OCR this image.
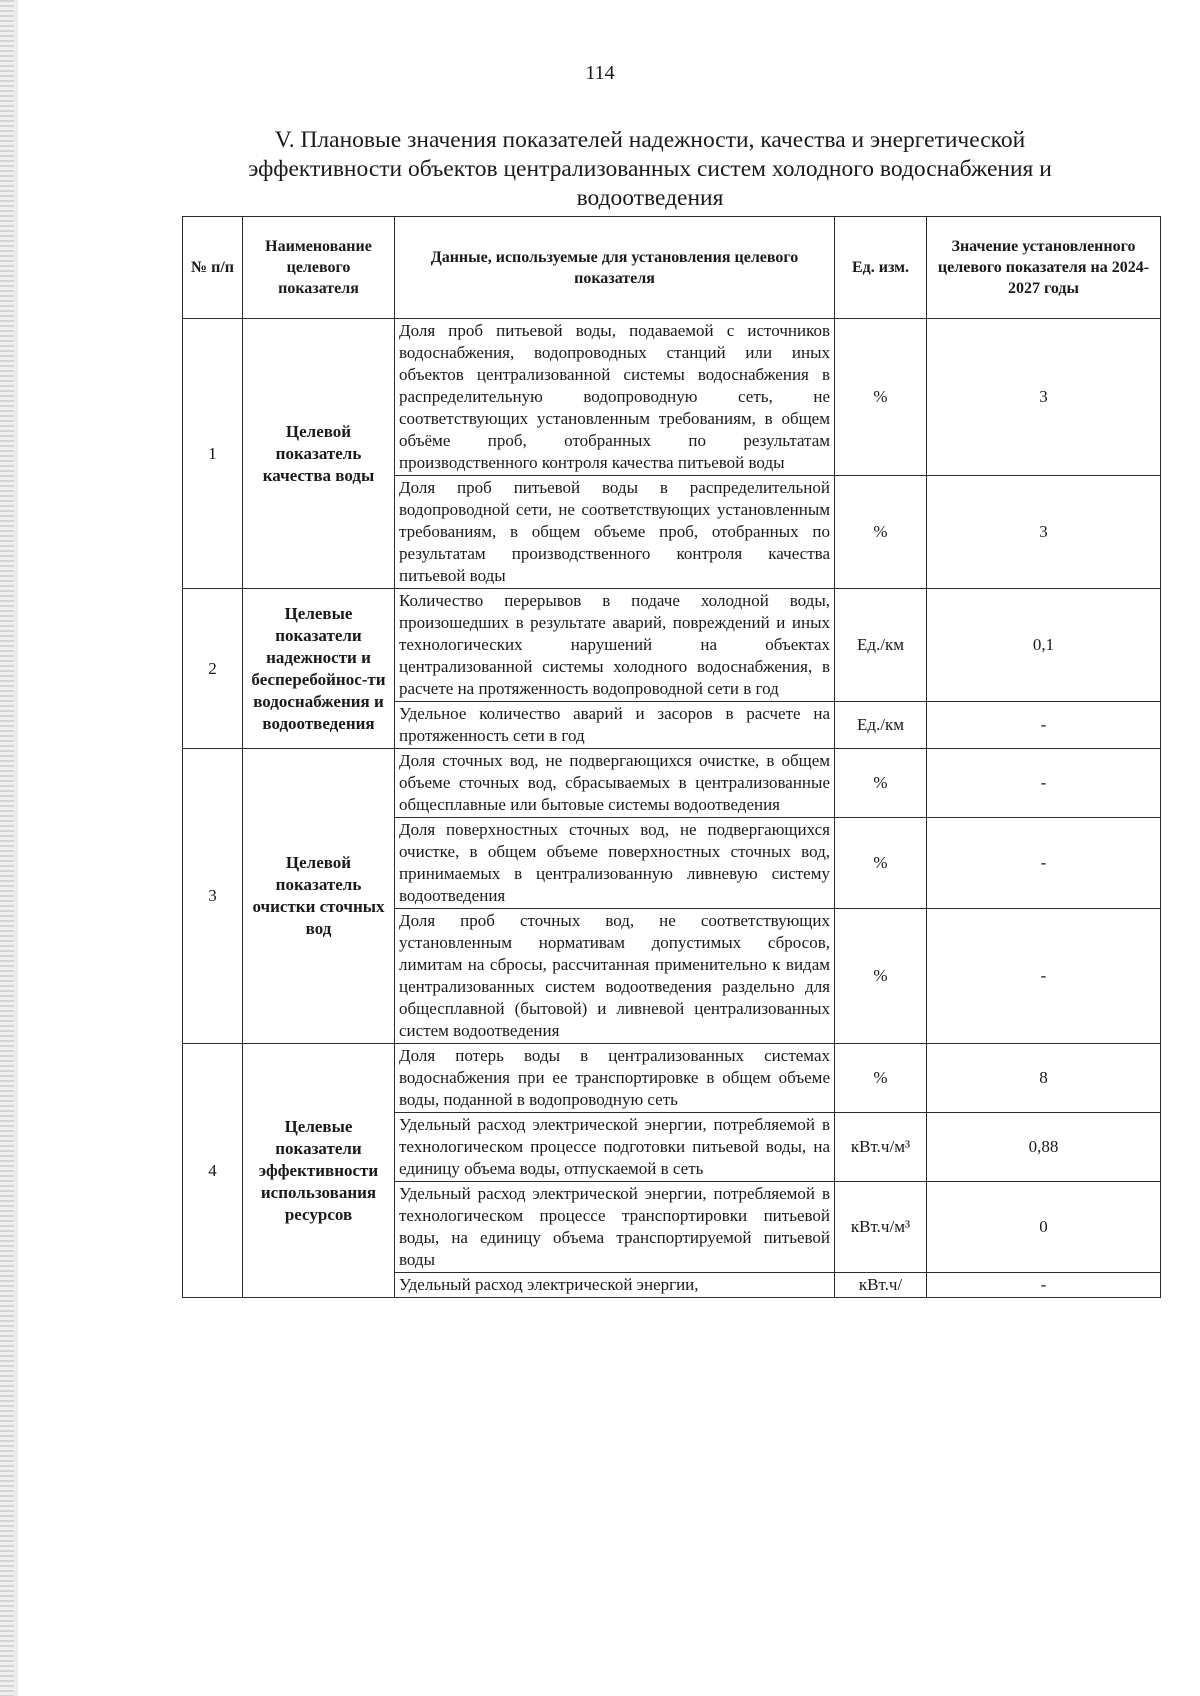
114
V. Плановые значения показателей надежности, качества и энергетической эффективности объектов централизованных систем холодного водоснабжения и водоотведения
№ п/п	Наименование целевого показателя	Данные, используемые для установления целевого показателя	Ед. изм.	Значение установленного целевого показателя на 2024-2027 годы
1	Целевой показатель качества воды	Доля проб питьевой воды, подаваемой с источников водоснабжения, водопроводных станций или иных объектов централизованной системы водоснабжения в распределительную водопроводную сеть, не соответствующих установленным требованиям, в общем объёме проб, отобранных по результатам производственного контроля качества питьевой воды	%	3
		Доля проб питьевой воды в распределительной водопроводной сети, не соответствующих установленным требованиям, в общем объеме проб, отобранных по результатам производственного контроля качества питьевой воды	%	3
2	Целевые показатели надежности и бесперебойнос-ти водоснабжения и водоотведения	Количество перерывов в подаче холодной воды, произошедших в результате аварий, повреждений и иных технологических нарушений на объектах централизованной системы холодного водоснабжения, в расчете на протяженность водопроводной сети в год	Ед./км	0,1
		Удельное количество аварий и засоров в расчете на протяженность сети в год	Ед./км	-
3	Целевой показатель очистки сточных вод	Доля сточных вод, не подвергающихся очистке, в общем объеме сточных вод, сбрасываемых в централизованные общесплавные или бытовые системы водоотведения	%	-
		Доля поверхностных сточных вод, не подвергающихся очистке, в общем объеме поверхностных сточных вод, принимаемых в централизованную ливневую систему водоотведения	%	-
		Доля проб сточных вод, не соответствующих установленным нормативам допустимых сбросов, лимитам на сбросы, рассчитанная применительно к видам централизованных систем водоотведения раздельно для общесплавной (бытовой) и ливневой централизованных систем водоотведения	%	-
4	Целевые показатели эффективности использования ресурсов	Доля потерь воды в централизованных системах водоснабжения при ее транспортировке в общем объеме воды, поданной в водопроводную сеть	%	8
		Удельный расход электрической энергии, потребляемой в технологическом процессе подготовки питьевой воды, на единицу объема воды, отпускаемой в сеть	кВт.ч/м³	0,88
		Удельный расход электрической энергии, потребляемой в технологическом процессе транспортировки питьевой воды, на единицу объема транспортируемой питьевой воды	кВт.ч/м³	0
		Удельный расход электрической энергии,	кВт.ч/	-
